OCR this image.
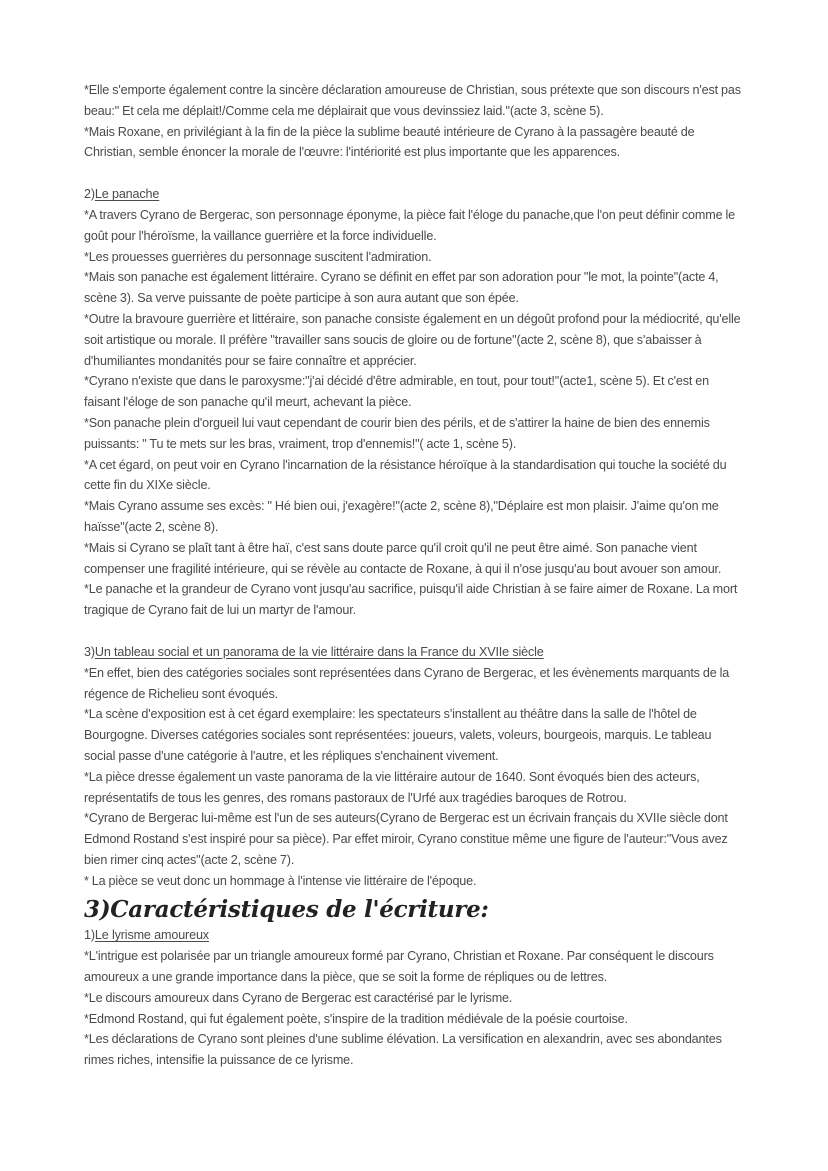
*Elle s'emporte également contre la sincère déclaration amoureuse de Christian, sous prétexte que son discours n'est pas beau:" Et cela me déplait!/Comme cela me déplairait que vous devinssiez laid."(acte 3, scène 5).

*Mais Roxane, en privilégiant à la fin de la pièce la sublime beauté intérieure de Cyrano à la passagère beauté de Christian, semble énoncer la morale de l'œuvre: l'intériorité est plus importante que les apparences.

2)Le panache

*A travers Cyrano de Bergerac, son personnage éponyme, la pièce fait l'éloge du panache,que l'on peut définir comme le goût pour l'héroïsme, la vaillance guerrière et la force individuelle.

*Les prouesses guerrières du personnage suscitent l'admiration.

*Mais son panache est également littéraire. Cyrano se définit en effet par son adoration pour "le mot, la pointe"(acte 4, scène 3). Sa verve puissante de poète participe à son aura autant que son épée.

*Outre la bravoure guerrière et littéraire, son panache consiste également en un dégoût profond pour la médiocrité, qu'elle soit artistique ou morale. Il préfère "travailler sans soucis de gloire ou de fortune"(acte 2, scène 8), que s'abaisser à d'humiliantes mondanités pour se faire connaître et apprécier.

*Cyrano n'existe que dans le paroxysme:"j'ai décidé d'être admirable, en tout, pour tout!"(acte1, scène 5). Et c'est en faisant l'éloge de son panache qu'il meurt, achevant la pièce.

*Son panache plein d'orgueil lui vaut cependant de courir bien des périls, et de s'attirer la haine de bien des ennemis puissants: " Tu te mets sur les bras, vraiment, trop d'ennemis!"( acte 1, scène 5).

*A cet égard, on peut voir en Cyrano l'incarnation de la résistance héroïque à la standardisation qui touche la société du cette fin du XIXe siècle.

*Mais Cyrano assume ses excès: " Hé bien oui, j'exagère!"(acte 2, scène 8),"Déplaire est mon plaisir. J'aime qu'on me haïsse"(acte 2, scène 8).

*Mais si Cyrano se plaît tant à être haï, c'est sans doute parce qu'il croit qu'il ne peut être aimé. Son panache vient compenser une fragilité intérieure, qui se révèle au contacte de Roxane, à qui il n'ose jusqu'au bout avouer son amour.

*Le panache et la grandeur de Cyrano vont jusqu'au sacrifice, puisqu'il aide Christian à se faire aimer de Roxane. La mort tragique de Cyrano fait de lui un martyr de l'amour.

3)Un tableau social et un panorama de la vie littéraire dans la France du XVIIe siècle

*En effet, bien des catégories sociales sont représentées dans Cyrano de Bergerac, et les évènements marquants de la régence de Richelieu sont évoqués.

*La scène d'exposition est à cet égard exemplaire: les spectateurs s'installent au théâtre dans la salle de l'hôtel de Bourgogne. Diverses catégories sociales sont représentées: joueurs, valets, voleurs, bourgeois, marquis. Le tableau social passe d'une catégorie à l'autre, et les répliques s'enchainent vivement.

*La pièce dresse également un vaste panorama de la vie littéraire autour de 1640. Sont évoqués bien des acteurs, représentatifs de tous les genres, des romans pastoraux de l'Urfé aux tragédies baroques de Rotrou.

*Cyrano de Bergerac lui-même est l'un de ses auteurs(Cyrano de Bergerac est un écrivain français du XVIIe siècle dont Edmond Rostand s'est inspiré pour sa pièce). Par effet miroir, Cyrano constitue même une figure de l'auteur:"Vous avez bien rimer cinq actes"(acte 2, scène 7).

* La pièce se veut donc un hommage à l'intense vie littéraire de l'époque.

3)Caractéristiques de l'écriture:

1)Le lyrisme amoureux

*L'intrigue est polarisée par un triangle amoureux formé par Cyrano, Christian et Roxane. Par conséquent le discours amoureux a une grande importance dans la pièce, que se soit la forme de répliques ou de lettres.

*Le discours amoureux dans Cyrano de Bergerac est caractérisé par le lyrisme.

*Edmond Rostand, qui fut également poète, s'inspire de la tradition médiévale de la poésie courtoise.

*Les déclarations de Cyrano sont pleines d'une sublime élévation. La versification en alexandrin, avec ses abondantes rimes riches, intensifie la puissance de ce lyrisme.
